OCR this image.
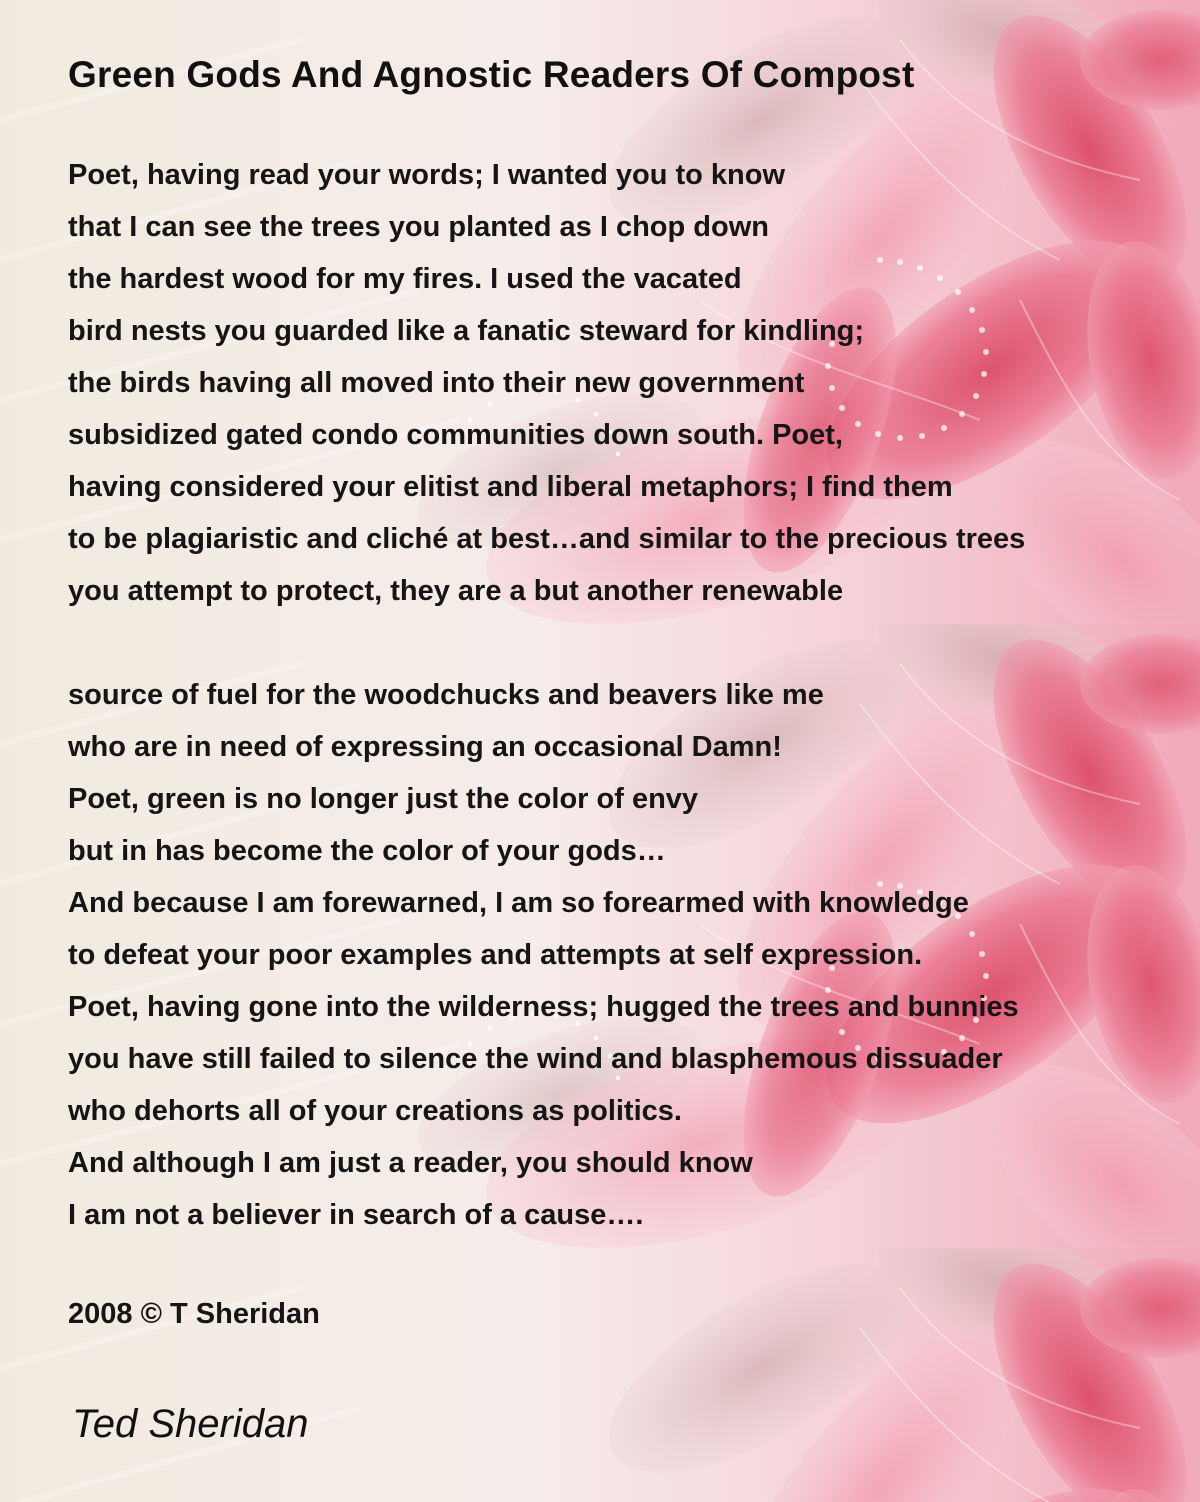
Green Gods And Agnostic Readers Of Compost
Poet, having read your words; I wanted you to know
that I can see the trees you planted as I chop down
the hardest wood for my fires. I used the vacated
bird nests you guarded like a fanatic steward for kindling;
the birds having all moved into their new government
subsidized gated condo communities down south. Poet,
having considered your elitist and liberal metaphors; I find them
to be plagiaristic and cliché at best…and similar to the precious trees
you attempt to protect, they are a but another renewable
source of fuel for the woodchucks and beavers like me
who are in need of expressing an occasional Damn!
Poet, green is no longer just the color of envy
but in has become the color of your gods…
And because I am forewarned, I am so forearmed with knowledge
to defeat your poor examples and attempts at self expression.
Poet, having gone into the wilderness; hugged the trees and bunnies
you have still failed to silence the wind and blasphemous dissuader
who dehorts all of your creations as politics.
And although I am just a reader, you should know
I am not a believer in search of a cause….
2008 © T Sheridan
Ted Sheridan
